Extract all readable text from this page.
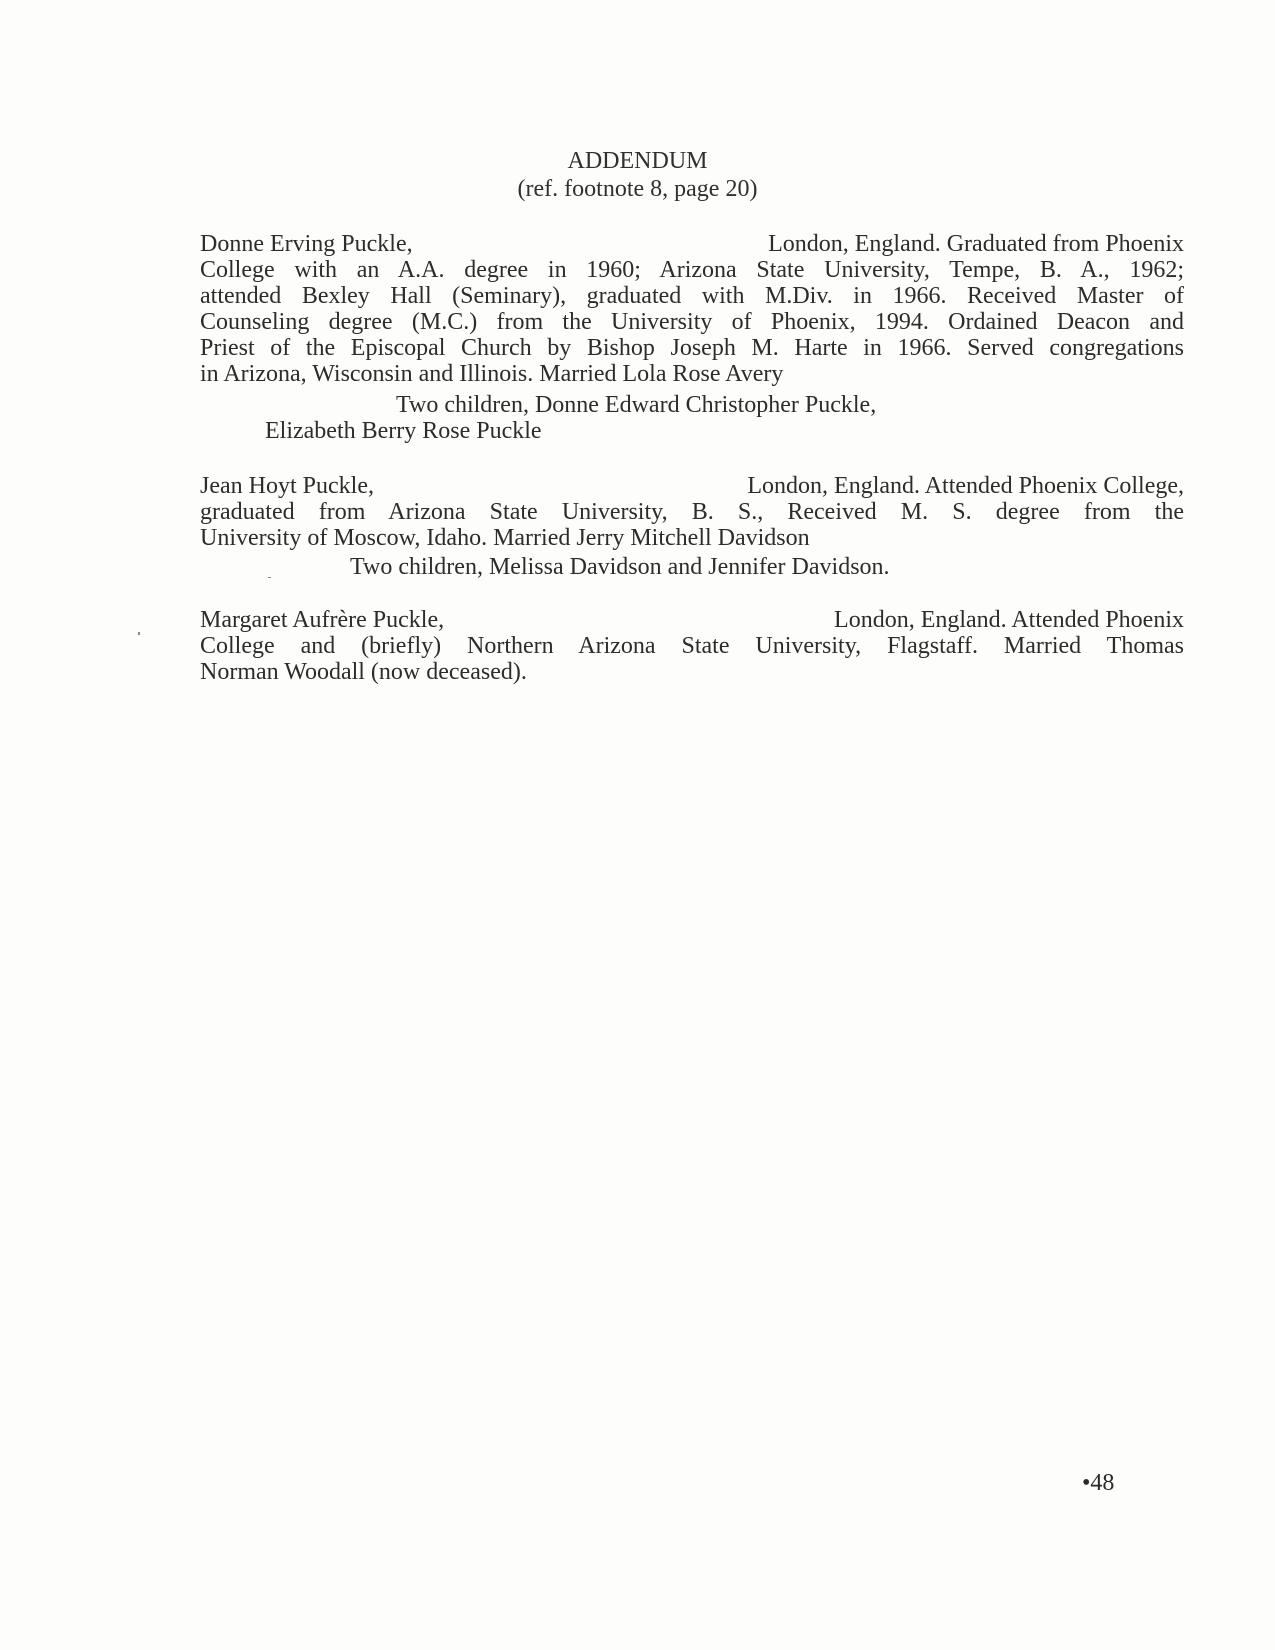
ADDENDUM
(ref. footnote 8, page 20)
Donne Erving Puckle,	London, England. Graduated from Phoenix
College with an A.A. degree in 1960; Arizona State University, Tempe, B. A., 1962;
attended Bexley Hall (Seminary), graduated with M.Div. in 1966. Received Master of
Counseling degree (M.C.) from the University of Phoenix, 1994. Ordained Deacon and
Priest of the Episcopal Church by Bishop Joseph M. Harte in 1966. Served congregations
in Arizona, Wisconsin and Illinois. Married Lola Rose Avery
Two children, Donne Edward Christopher Puckle,
Elizabeth Berry Rose Puckle
Jean Hoyt Puckle,	London, England. Attended Phoenix College,
graduated from Arizona State University, B. S., Received M. S. degree from the
University of Moscow, Idaho. Married Jerry Mitchell Davidson
Two children, Melissa Davidson and Jennifer Davidson.
Margaret Aufrère Puckle,	London, England. Attended Phoenix
College and (briefly) Northern Arizona State University, Flagstaff. Married Thomas
Norman Woodall (now deceased).
•48
